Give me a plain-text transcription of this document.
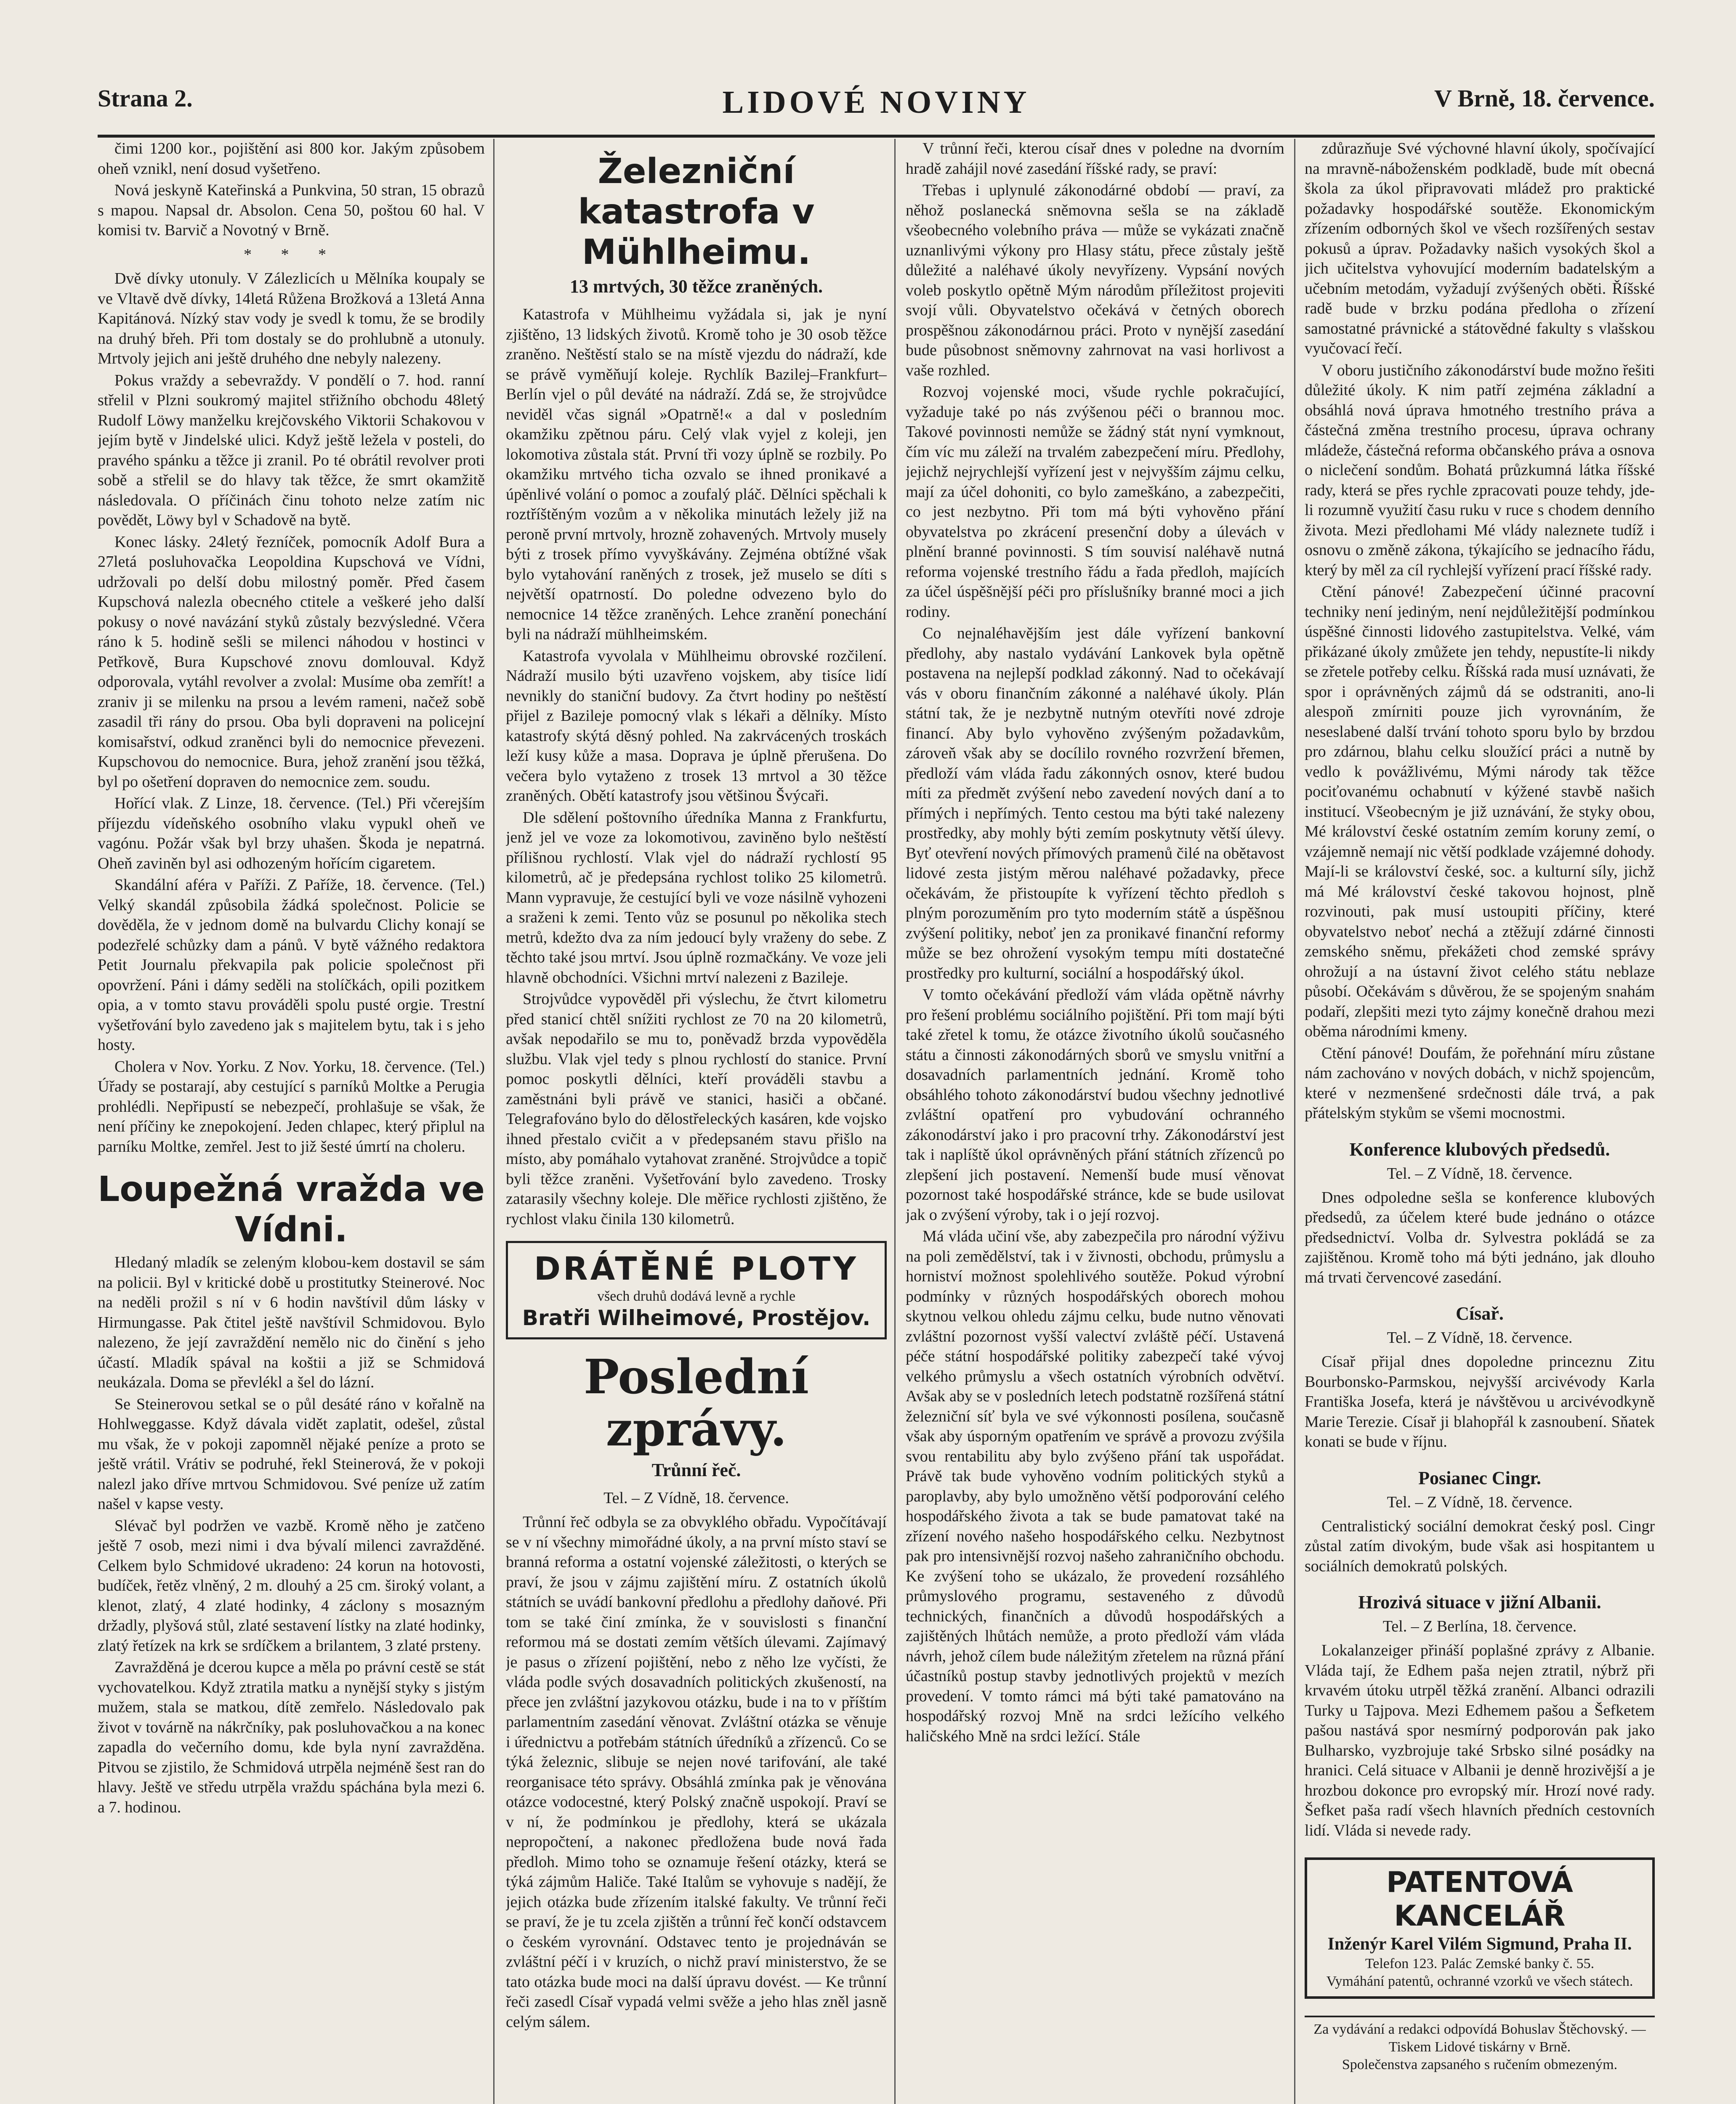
Strana 2.	LIDOVÉ NOVINY	V Brně, 18. července.

čimi 1200 kor., pojištění asi 800 kor. Jakým způsobem oheň vznikl, není dosud vyšetřeno.

Nová jeskyně Kateřinská a Punkvina, 50 stran, 15 obrazů s mapou. Napsal dr. Absolon. Cena 50, poštou 60 hal. V komisi tv. Barvič a Novotný v Brně.

* * *

Dvě dívky utonuly. V Zálezlicích u Mělníka koupaly se ve Vltavě dvě dívky, 14letá Růžena Brožková a 13letá Anna Kapitánová. Nízký stav vody je svedl k tomu, že se brodily na druhý břeh. Při tom dostaly se do prohlubně a utonuly. Mrtvoly jejich ani ještě druhého dne nebyly nalezeny.

Pokus vraždy a sebevraždy. V pondělí o 7. hod. ranní střelil v Plzni soukromý majitel střižního obchodu 48letý Rudolf Löwy manželku krejčovského Viktorii Schakovou v jejím bytě v Jindelské ulici. Když ještě ležela v posteli, do pravého spánku a těžce ji zranil. Po té obrátil revolver proti sobě a střelil se do hlavy tak těžce, že smrt okamžitě následovala. O příčinách činu tohoto nelze zatím nic povědět, Löwy byl v Schadově na bytě.

Konec lásky. 24letý řezníček, pomocník Adolf Bura a 27letá posluhovačka Leopoldina Kupschová ve Vídni, udržovali po delší dobu milostný poměr. Před časem Kupschová nalezla obecného ctitele a veškeré jeho další pokusy o nové navázání styků zůstaly bezvýsledné. Včera ráno k 5. hodině sešli se milenci náhodou v hostinci v Petřkově, Bura Kupschové znovu domlouval. Když odporovala, vytáhl revolver a zvolal: Musíme oba zemřít! a zraniv ji se milenku na prsou a levém rameni, načež sobě zasadil tři rány do prsou. Oba byli dopraveni na policejní komisařství, odkud zraněnci byli do nemocnice převezeni. Kupschovou do nemocnice. Bura, jehož zranění jsou těžká, byl po ošetření dopraven do nemocnice zem. soudu.

Hořící vlak. Z Linze, 18. července. (Tel.) Při včerejším příjezdu vídeňského osobního vlaku vypukl oheň ve vagónu. Požár však byl brzy uhašen. Škoda je nepatrná. Oheň zaviněn byl asi odhozeným hořícím cigaretem.

Skandální aféra v Paříži. Z Paříže, 18. července. (Tel.) Velký skandál způsobila žádká společnost. Policie se dověděla, že v jednom domě na bulvardu Clichy konají se podezřelé schůzky dam a pánů. V bytě vážného redaktora Petit Journalu překvapila pak policie společnost při opovržení. Páni i dámy seděli na stolíčkách, opili pozitkem opia, a v tomto stavu prováděli spolu pusté orgie. Trestní vyšetřování bylo zavedeno jak s majitelem bytu, tak i s jeho hosty.

Cholera v Nov. Yorku. Z Nov. Yorku, 18. července. (Tel.) Úřady se postarají, aby cestující s parníků Moltke a Perugia prohlédli. Nepřipustí se nebezpečí, prohlašuje se však, že není příčiny ke znepokojení. Jeden chlapec, který připlul na parníku Moltke, zemřel. Jest to již šesté úmrtí na choleru.

Loupežná vražda ve Vídni.

Hledaný mladík se zeleným klobou-kem dostavil se sám na policii. Byl v kritické době u prostitutky Steinerové. Noc na neděli prožil s ní v 6 hodin navštívil dům lásky v Hirmungasse. Pak čtitel ještě navštívil Schmidovou. Bylo nalezeno, že její zavraždění nemělo nic do činění s jeho účastí. Mladík spával na koštii a již se Schmidová neukázala. Doma se převlékl a šel do lázní.

Se Steinerovou setkal se o půl desáté ráno v kořalně na Hohlweggasse. Když dávala vidět zaplatit, odešel, zůstal mu však, že v pokoji zapomněl nějaké peníze a proto se ještě vrátil. Vrátiv se podruhé, řekl Steinerová, že v pokoji nalezl jako dříve mrtvou Schmidovou. Své peníze už zatím našel v kapse vesty.

Slévač byl podržen ve vazbě. Kromě něho je zatčeno ještě 7 osob, mezi nimi i dva bývalí milenci zavražděné. Celkem bylo Schmidové ukradeno: 24 korun na hotovosti, budíček, řetěz vlněný, 2 m. dlouhý a 25 cm. široký volant, a klenot, zlatý, 4 zlaté hodinky, 4 záclony s mosazným držadly, plyšová stůl, zlaté sestavení lístky na zlaté hodinky, zlatý řetízek na krk se srdíčkem a brilantem, 3 zlaté prsteny.

Zavražděná je dcerou kupce a měla po právní cestě se stát vychovatelkou. Když ztratila matku a nynější styky s jistým mužem, stala se matkou, dítě zemřelo. Následovalo pak život v továrně na nákrčníky, pak posluhovačkou a na konec zapadla do večerního domu, kde byla nyní zavražděna. Pitvou se zjistilo, že Schmidová utrpěla nejméně šest ran do hlavy. Ještě ve středu utrpěla vraždu spáchána byla mezi 6. a 7. hodinou.

Železniční katastrofa v Mühlheimu.
13 mrtvých, 30 těžce zraněných.

Katastrofa v Mühlheimu vyžádala si, jak je nyní zjištěno, 13 lidských životů. Kromě toho je 30 osob těžce zraněno. Neštěstí stalo se na místě vjezdu do nádraží, kde se právě vyměňují koleje. Rychlík Bazilej–Frankfurt–Berlín vjel o půl deváté na nádraží. Zdá se, že strojvůdce neviděl včas signál »Opatrně!« a dal v posledním okamžiku zpětnou páru. Celý vlak vyjel z koleji, jen lokomotiva zůstala stát. První tři vozy úplně se rozbily. Po okamžiku mrtvého ticha ozvalo se ihned pronikavé a úpěnlivé volání o pomoc a zoufalý pláč. Dělníci spěchali k roztříštěným vozům a v několika minutách ležely již na peroně první mrtvoly, hrozně zohavených. Mrtvoly musely býti z trosek přímo vyvyškávány. Zejména obtížné však bylo vytahování raněných z trosek, jež muselo se díti s největší opatrností. Do poledne odvezeno bylo do nemocnice 14 těžce zraněných. Lehce zranění ponechání byli na nádraží mühlheimském.

Katastrofa vyvolala v Mühlheimu obrovské rozčilení. Nádraží musilo býti uzavřeno vojskem, aby tisíce lidí nevnikly do staniční budovy. Za čtvrt hodiny po neštěstí přijel z Bazileje pomocný vlak s lékaři a dělníky. Místo katastrofy skýtá děsný pohled. Na zakrvácených troskách leží kusy kůže a masa. Doprava je úplně přerušena. Do večera bylo vytaženo z trosek 13 mrtvol a 30 těžce zraněných. Obětí katastrofy jsou většinou Švýcaři.

Dle sdělení poštovního úředníka Manna z Frankfurtu, jenž jel ve voze za lokomotivou, zaviněno bylo neštěstí přílišnou rychlostí. Vlak vjel do nádraží rychlostí 95 kilometrů, ač je předepsána rychlost toliko 25 kilometrů. Mann vypravuje, že cestující byli ve voze násilně vyhozeni a sraženi k zemi. Tento vůz se posunul po několika stech metrů, kdežto dva za ním jedoucí byly vraženy do sebe. Z těchto také jsou mrtví. Jsou úplně rozmačkány. Ve voze jeli hlavně obchodníci. Všichni mrtví nalezeni z Bazileje.

Strojvůdce vypověděl při výslechu, že čtvrt kilometru před stanicí chtěl snížiti rychlost ze 70 na 20 kilometrů, avšak nepodařilo se mu to, poněvadž brzda vypověděla službu. Vlak vjel tedy s plnou rychlostí do stanice. První pomoc poskytli dělníci, kteří prováděli stavbu a zaměstnáni byli právě ve stanici, hasiči a občané. Telegrafováno bylo do dělostřeleckých kasáren, kde vojsko ihned přestalo cvičit a v předepsaném stavu přišlo na místo, aby pomáhalo vytahovat zraněné. Strojvůdce a topič byli těžce zraněni. Vyšetřování bylo zavedeno. Trosky zatarasily všechny koleje. Dle měřice rychlosti zjištěno, že rychlost vlaku činila 130 kilometrů.

DRÁTĚNÉ PLOTY
všech druhů dodává levně a rychle
Bratři Wilheimové, Prostějov.
Poslední zprávy.
Trůnní řeč.
Tel. – Z Vídně, 18. července.

Trůnní řeč odbyla se za obvyklého obřadu. Vypočítávají se v ní všechny mimořádné úkoly, a na první místo staví se branná reforma a ostatní vojenské záležitosti, o kterých se praví, že jsou v zájmu zajištění míru. Z ostatních úkolů státních se uvádí bankovní předlohu a předlohy daňové. Při tom se také činí zmínka, že v souvislosti s finanční reformou má se dostati zemím větších úlevami. Zajímavý je pasus o zřízení pojištění, nebo z něho lze vyčísti, že vláda podle svých dosavadních politických zkušeností, na přece jen zvláštní jazykovou otázku, bude i na to v příštím parlamentním zasedání věnovat. Zvláštní otázka se věnuje i úřednictvu a potřebám státních úředníků a zřízenců. Co se týká železnic, slibuje se nejen nové tarifování, ale také reorganisace této správy. Obsáhlá zmínka pak je věnována otázce vodocestné, který Polský značně uspokojí. Praví se v ní, že podmínkou je předlohy, která se ukázala nepropočtení, a nakonec předložena bude nová řada předloh. Mimo toho se oznamuje řešení otázky, která se týká zájmům Haliče. Také Italům se vyhovuje s nadějí, že jejich otázka bude zřízením italské fakulty. Ve trůnní řeči se praví, že je tu zcela zjištěn a trůnní řeč končí odstavcem o českém vyrovnání. Odstavec tento je projednáván se zvláštní péčí i v kruzích, o nichž praví ministerstvo, že se tato otázka bude moci na další úpravu dovést. — Ke trůnní řeči zasedl Císař vypadá velmi svěže a jeho hlas zněl jasně celým sálem.

V trůnní řeči, kterou císař dnes v poledne na dvorním hradě zahájil nové zasedání říšské rady, se praví:

Třebas i uplynulé zákonodárné období — praví, za něhož poslanecká sněmovna sešla se na základě všeobecného volebního práva — může se vykázati značně uznanlivými výkony pro Hlasy státu, přece zůstaly ještě důležité a naléhavé úkoly nevyřízeny. Vypsání nových voleb poskytlo opětně Mým národům příležitost projeviti svojí vůli. Obyvatelstvo očekává v četných oborech prospěšnou zákonodárnou práci. Proto v nynější zasedání bude působnost sněmovny zahrnovat na vasi horlivost a vaše rozhled.

Rozvoj vojenské moci, všude rychle pokračující, vyžaduje také po nás zvýšenou péči o brannou moc. Takové povinnosti nemůže se žádný stát nyní vymknout, čím víc mu záleží na trvalém zabezpečení míru. Předlohy, jejichž nejrychlejší vyřízení jest v nejvyšším zájmu celku, mají za účel dohoniti, co bylo zameškáno, a zabezpečiti, co jest nezbytno. Při tom má býti vyhověno přání obyvatelstva po zkrácení presenční doby a úlevách v plnění branné povinnosti. S tím souvisí naléhavě nutná reforma vojenské trestního řádu a řada předloh, majících za účel úspěšnější péči pro příslušníky branné moci a jich rodiny.

Co nejnaléhavějším jest dále vyřízení bankovní předlohy, aby nastalo vydávání Lankovek byla opětně postavena na nejlepší podklad zákonný. Nad to očekávají vás v oboru finančním zákonné a naléhavé úkoly. Plán státní tak, že je nezbytně nutným otevříti nové zdroje financí. Aby bylo vyhověno zvýšeným požadavkům, zároveň však aby se docílilo rovného rozvržení břemen, předloží vám vláda řadu zákonných osnov, které budou míti za předmět zvýšení nebo zavedení nových daní a to přímých i nepřímých. Tento cestou ma býti také nalezeny prostředky, aby mohly býti zemím poskytnuty větší úlevy. Byť otevření nových přímových pramenů čilé na obětavost lidové zesta jistým měrou naléhavé požadavky, přece očekávám, že přistoupíte k vyřízení těchto předloh s plným porozuměním pro tyto moderním státě a úspěšnou zvýšení politiky, neboť jen za pronikavé finanční reformy může se bez ohrožení vysokým tempu míti dostatečné prostředky pro kulturní, sociální a hospodářský úkol.

V tomto očekávání předloží vám vláda opětně návrhy pro řešení problému sociálního pojištění. Při tom mají býti také zřetel k tomu, že otázce životního úkolů současného státu a činnosti zákonodárných sborů ve smyslu vnitřní a dosavadních parlamentních jednání. Kromě toho obsáhlého tohoto zákonodárství budou všechny jednotlivé zvláštní opatření pro vybudování ochranného zákonodárství jako i pro pracovní trhy. Zákonodárství jest tak i naplíště úkol oprávněných přání státních zřízenců po zlepšení jich postavení. Nemenší bude musí věnovat pozornost také hospodářské stránce, kde se bude usilovat jak o zvýšení výroby, tak i o její rozvoj.

Má vláda učiní vše, aby zabezpečila pro národní výživu na poli zemědělství, tak i v živnosti, obchodu, průmyslu a horniství možnost spolehlivého soutěže. Pokud výrobní podmínky v různých hospodářských oborech mohou skytnou velkou ohledu zájmu celku, bude nutno věnovati zvláštní pozornost vyšší valectví zvláště péčí. Ustavená péče státní hospodářské politiky zabezpečí také vývoj velkého průmyslu a všech ostatních výrobních odvětví. Avšak aby se v posledních letech podstatně rozšířená státní železniční síť byla ve své výkonnosti posílena, současně však aby úsporným opatřením ve správě a provozu zvýšila svou rentabilitu aby bylo zvýšeno přání tak uspořádat. Právě tak bude vyhověno vodním politických styků a paroplavby, aby bylo umožněno větší podporování celého hospodářského života a tak se bude pamatovat také na zřízení nového našeho hospodářského celku. Nezbytnost pak pro intensivnější rozvoj našeho zahraničního obchodu. Ke zvýšení toho se ukázalo, že provedení rozsáhlého průmyslového programu, sestaveného z důvodů technických, finančních a důvodů hospodářských a zajištěných lhůtách nemůže, a proto předloží vám vláda návrh, jehož cílem bude náležitým zřetelem na různá přání účastníků postup stavby jednotlivých projektů v mezích provedení. V tomto rámci má býti také pamatováno na hospodářský rozvoj Mně na srdci ležícího velkého haličského Mně na srdci ležící. Stále

zdůrazňuje Své výchovné hlavní úkoly, spočívající na mravně-náboženském podkladě, bude mít obecná škola za úkol připravovati mládež pro praktické požadavky hospodářské soutěže. Ekonomickým zřízením odborných škol ve všech rozšířených sestav pokusů a úprav. Požadavky našich vysokých škol a jich učitelstva vyhovující moderním badatelským a učebním metodám, vyžadují zvýšených oběti. Říšské radě bude v brzku podána předloha o zřízení samostatné právnické a státovědné fakulty s vlašskou vyučovací řečí.

V oboru justičního zákonodárství bude možno řešiti důležité úkoly. K nim patří zejména základní a obsáhlá nová úprava hmotného trestního práva a částečná změna trestního procesu, úprava ochrany mládeže, částečná reforma občanského práva a osnova o niclečení sondům. Bohatá průzkumná látka říšské rady, která se přes rychle zpracovati pouze tehdy, jde-li rozumně využití času ruku v ruce s chodem denního života. Mezi předlohami Mé vlády naleznete tudíž i osnovu o změně zákona, týkajícího se jednacího řádu, který by měl za cíl rychlejší vyřízení prací říšské rady.

Ctění pánové! Zabezpečení účinné pracovní techniky není jediným, není nejdůležitější podmínkou úspěšné činnosti lidového zastupitelstva. Velké, vám přikázané úkoly zmůžete jen tehdy, nepustíte-li nikdy se zřetele potřeby celku. Říšská rada musí uznávati, že spor i oprávněných zájmů dá se odstraniti, ano-li alespoň zmírniti pouze jich vyrovnáním, že neseslabené další trvání tohoto sporu bylo by brzdou pro zdárnou, blahu celku sloužící práci a nutně by vedlo k povážlivému, Mými národy tak těžce pociťovanému ochabnutí v kýžené stavbě našich institucí. Všeobecným je již uznávání, že styky obou, Mé království české ostatním zemím koruny zemí, o vzájemně nemají nic větší podklade vzájemné dohody. Mají-li se království české, soc. a kulturní síly, jichž má Mé království české takovou hojnost, plně rozvinouti, pak musí ustoupiti příčiny, které obyvatelstvo neboť nechá a ztěžují zdárné činnosti zemského sněmu, překážeti chod zemské správy ohrožují a na ústavní život celého státu neblaze působí. Očekávám s důvěrou, že se spojeným snahám podaří, zlepšiti mezi tyto zájmy konečně drahou mezi oběma národními kmeny.

Ctění pánové! Doufám, že pořehnání míru zůstane nám zachováno v nových dobách, v nichž spojencům, které v nezmenšené srdečnosti dále trvá, a pak přátelským stykům se všemi mocnostmi.

Konference klubových předsedů.
Tel. – Z Vídně, 18. července.

Dnes odpoledne sešla se konference klubových předsedů, za účelem které bude jednáno o otázce předsednictví. Volba dr. Sylvestra pokládá se za zajištěnou. Kromě toho má býti jednáno, jak dlouho má trvati červencové zasedání.

Císař.
Tel. – Z Vídně, 18. července.

Císař přijal dnes dopoledne princeznu Zitu Bourbonsko-Parmskou, nejvyšší arcivévody Karla Františka Josefa, která je návštěvou u arcivévodkyně Marie Terezie. Císař ji blahopřál k zasnoubení. Sňatek konati se bude v říjnu.

Posianec Cingr.
Tel. – Z Vídně, 18. července.

Centralistický sociální demokrat český posl. Cingr zůstal zatím divokým, bude však asi hospitantem u sociálních demokratů polských.

Hrozivá situace v jižní Albanii.
Tel. – Z Berlína, 18. července.

Lokalanzeiger přináší poplašné zprávy z Albanie. Vláda tají, že Edhem paša nejen ztratil, nýbrž při krvavém útoku utrpěl těžká zranění. Albanci odrazili Turky u Tajpova. Mezi Edhemem pašou a Šefketem pašou nastává spor nesmírný podporován pak jako Bulharsko, vyzbrojuje také Srbsko silné posádky na hranici. Celá situace v Albanii je denně hrozivější a je hrozbou dokonce pro evropský mír. Hrozí nové rady. Šefket paša radí všech hlavních předních cestovních lidí. Vláda si nevede rady.

PATENTOVÁ KANCELÁŘ
Inženýr Karel Vilém Sigmund, Praha II.
Telefon 123. Palác Zemské banky č. 55.
Vymáhání patentů, ochranné vzorků ve všech státech.
Za vydávání a redakci odpovídá Bohuslav Štěchovský. — Tiskem Lidové tiskárny v Brně.
Společenstva zapsaného s ručením obmezeným.
